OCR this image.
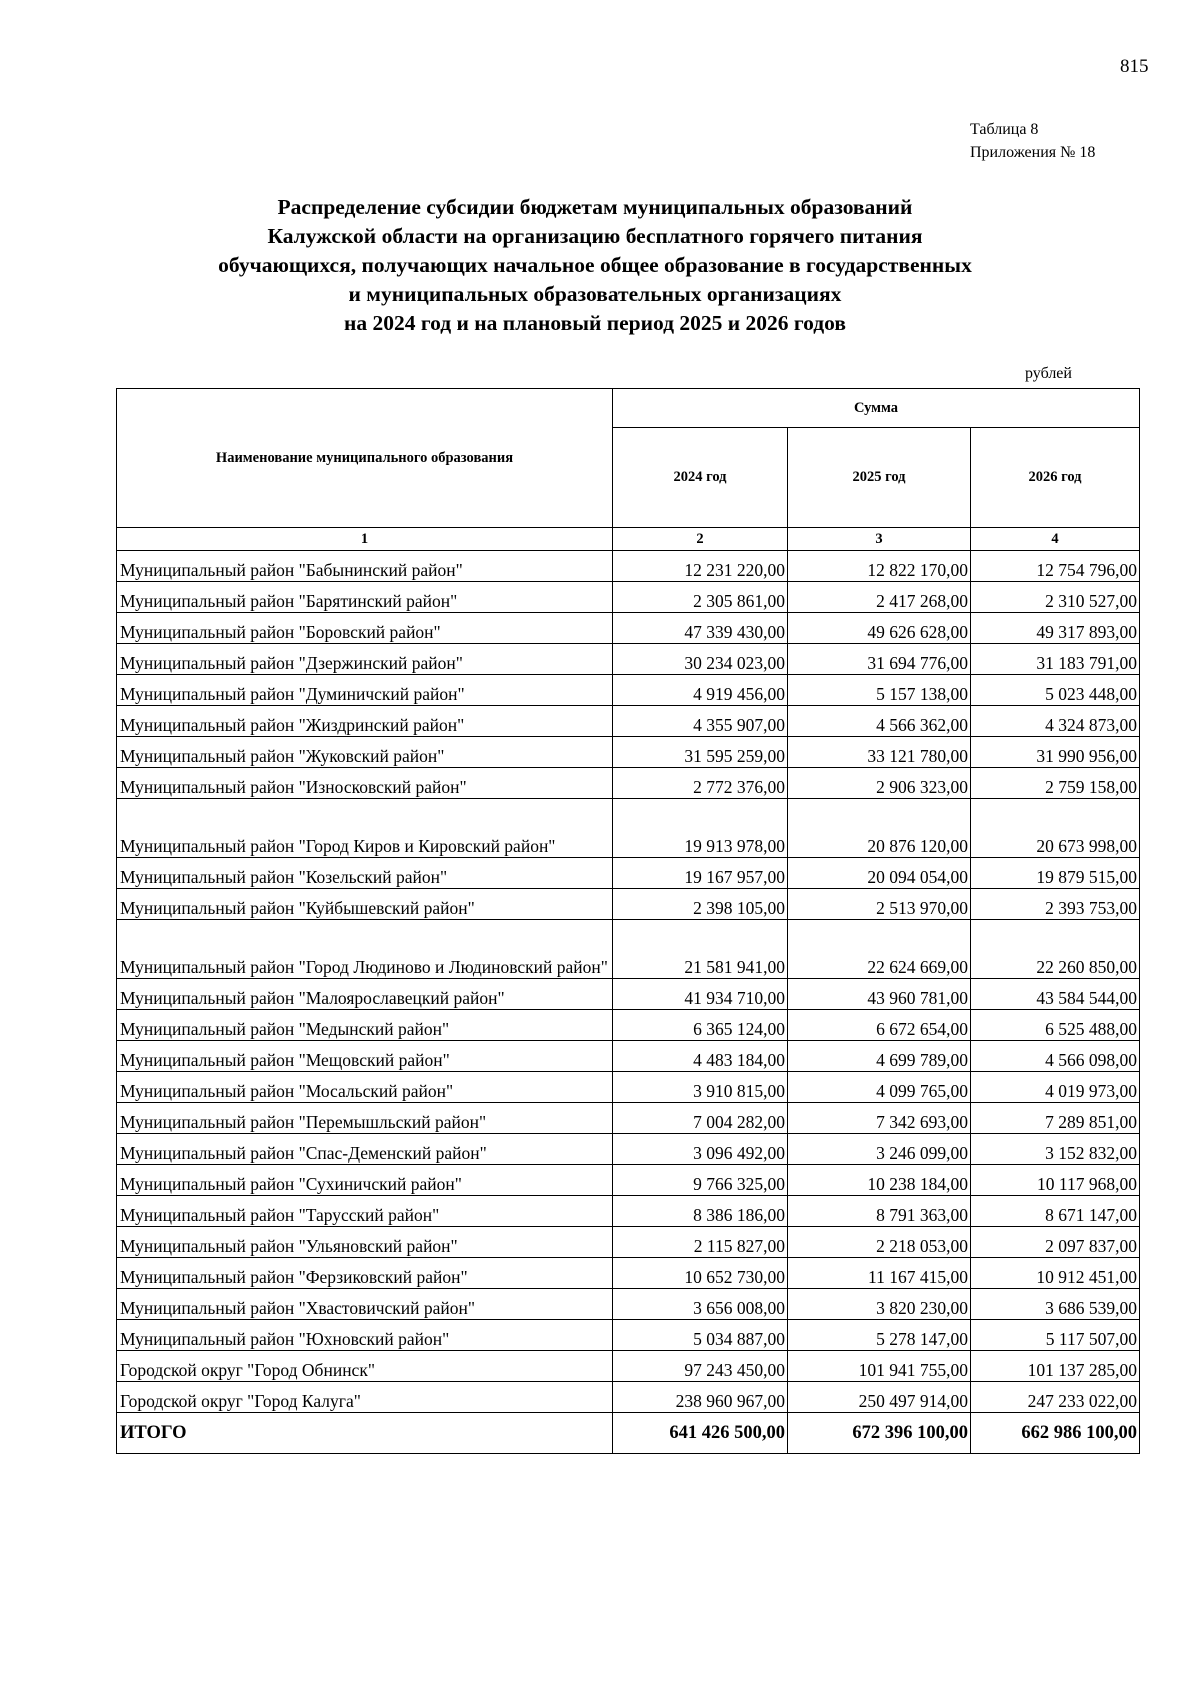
815
Таблица 8
Приложения № 18
Распределение субсидии бюджетам муниципальных образований
Калужской области на организацию бесплатного горячего питания
обучающихся, получающих начальное общее образование в государственных
и муниципальных образовательных организациях
на 2024 год и на плановый период 2025 и 2026 годов
рублей
Наименование муниципального образования	Сумма		
	2024 год	2025 год	2026 год
1	2	3	4
Муниципальный район "Бабынинский район"	12 231 220,00	12 822 170,00	12 754 796,00
Муниципальный район "Барятинский район"	2 305 861,00	2 417 268,00	2 310 527,00
Муниципальный район "Боровский район"	47 339 430,00	49 626 628,00	49 317 893,00
Муниципальный район "Дзержинский район"	30 234 023,00	31 694 776,00	31 183 791,00
Муниципальный район "Думиничский район"	4 919 456,00	5 157 138,00	5 023 448,00
Муниципальный район "Жиздринский район"	4 355 907,00	4 566 362,00	4 324 873,00
Муниципальный район "Жуковский район"	31 595 259,00	33 121 780,00	31 990 956,00
Муниципальный район "Износковский район"	2 772 376,00	2 906 323,00	2 759 158,00
Муниципальный район "Город Киров и Кировский район"	19 913 978,00	20 876 120,00	20 673 998,00
Муниципальный район "Козельский район"	19 167 957,00	20 094 054,00	19 879 515,00
Муниципальный район "Куйбышевский район"	2 398 105,00	2 513 970,00	2 393 753,00
Муниципальный район "Город Людиново и Людиновский район"	21 581 941,00	22 624 669,00	22 260 850,00
Муниципальный район "Малоярославецкий район"	41 934 710,00	43 960 781,00	43 584 544,00
Муниципальный район "Медынский район"	6 365 124,00	6 672 654,00	6 525 488,00
Муниципальный район "Мещовский район"	4 483 184,00	4 699 789,00	4 566 098,00
Муниципальный район "Мосальский район"	3 910 815,00	4 099 765,00	4 019 973,00
Муниципальный район "Перемышльский район"	7 004 282,00	7 342 693,00	7 289 851,00
Муниципальный район "Спас-Деменский район"	3 096 492,00	3 246 099,00	3 152 832,00
Муниципальный район "Сухиничский район"	9 766 325,00	10 238 184,00	10 117 968,00
Муниципальный район "Тарусский район"	8 386 186,00	8 791 363,00	8 671 147,00
Муниципальный район "Ульяновский район"	2 115 827,00	2 218 053,00	2 097 837,00
Муниципальный район "Ферзиковский район"	10 652 730,00	11 167 415,00	10 912 451,00
Муниципальный район "Хвастовичский район"	3 656 008,00	3 820 230,00	3 686 539,00
Муниципальный район "Юхновский район"	5 034 887,00	5 278 147,00	5 117 507,00
Городской округ "Город Обнинск"	97 243 450,00	101 941 755,00	101 137 285,00
Городской округ "Город Калуга"	238 960 967,00	250 497 914,00	247 233 022,00
ИТОГО	641 426 500,00	672 396 100,00	662 986 100,00
